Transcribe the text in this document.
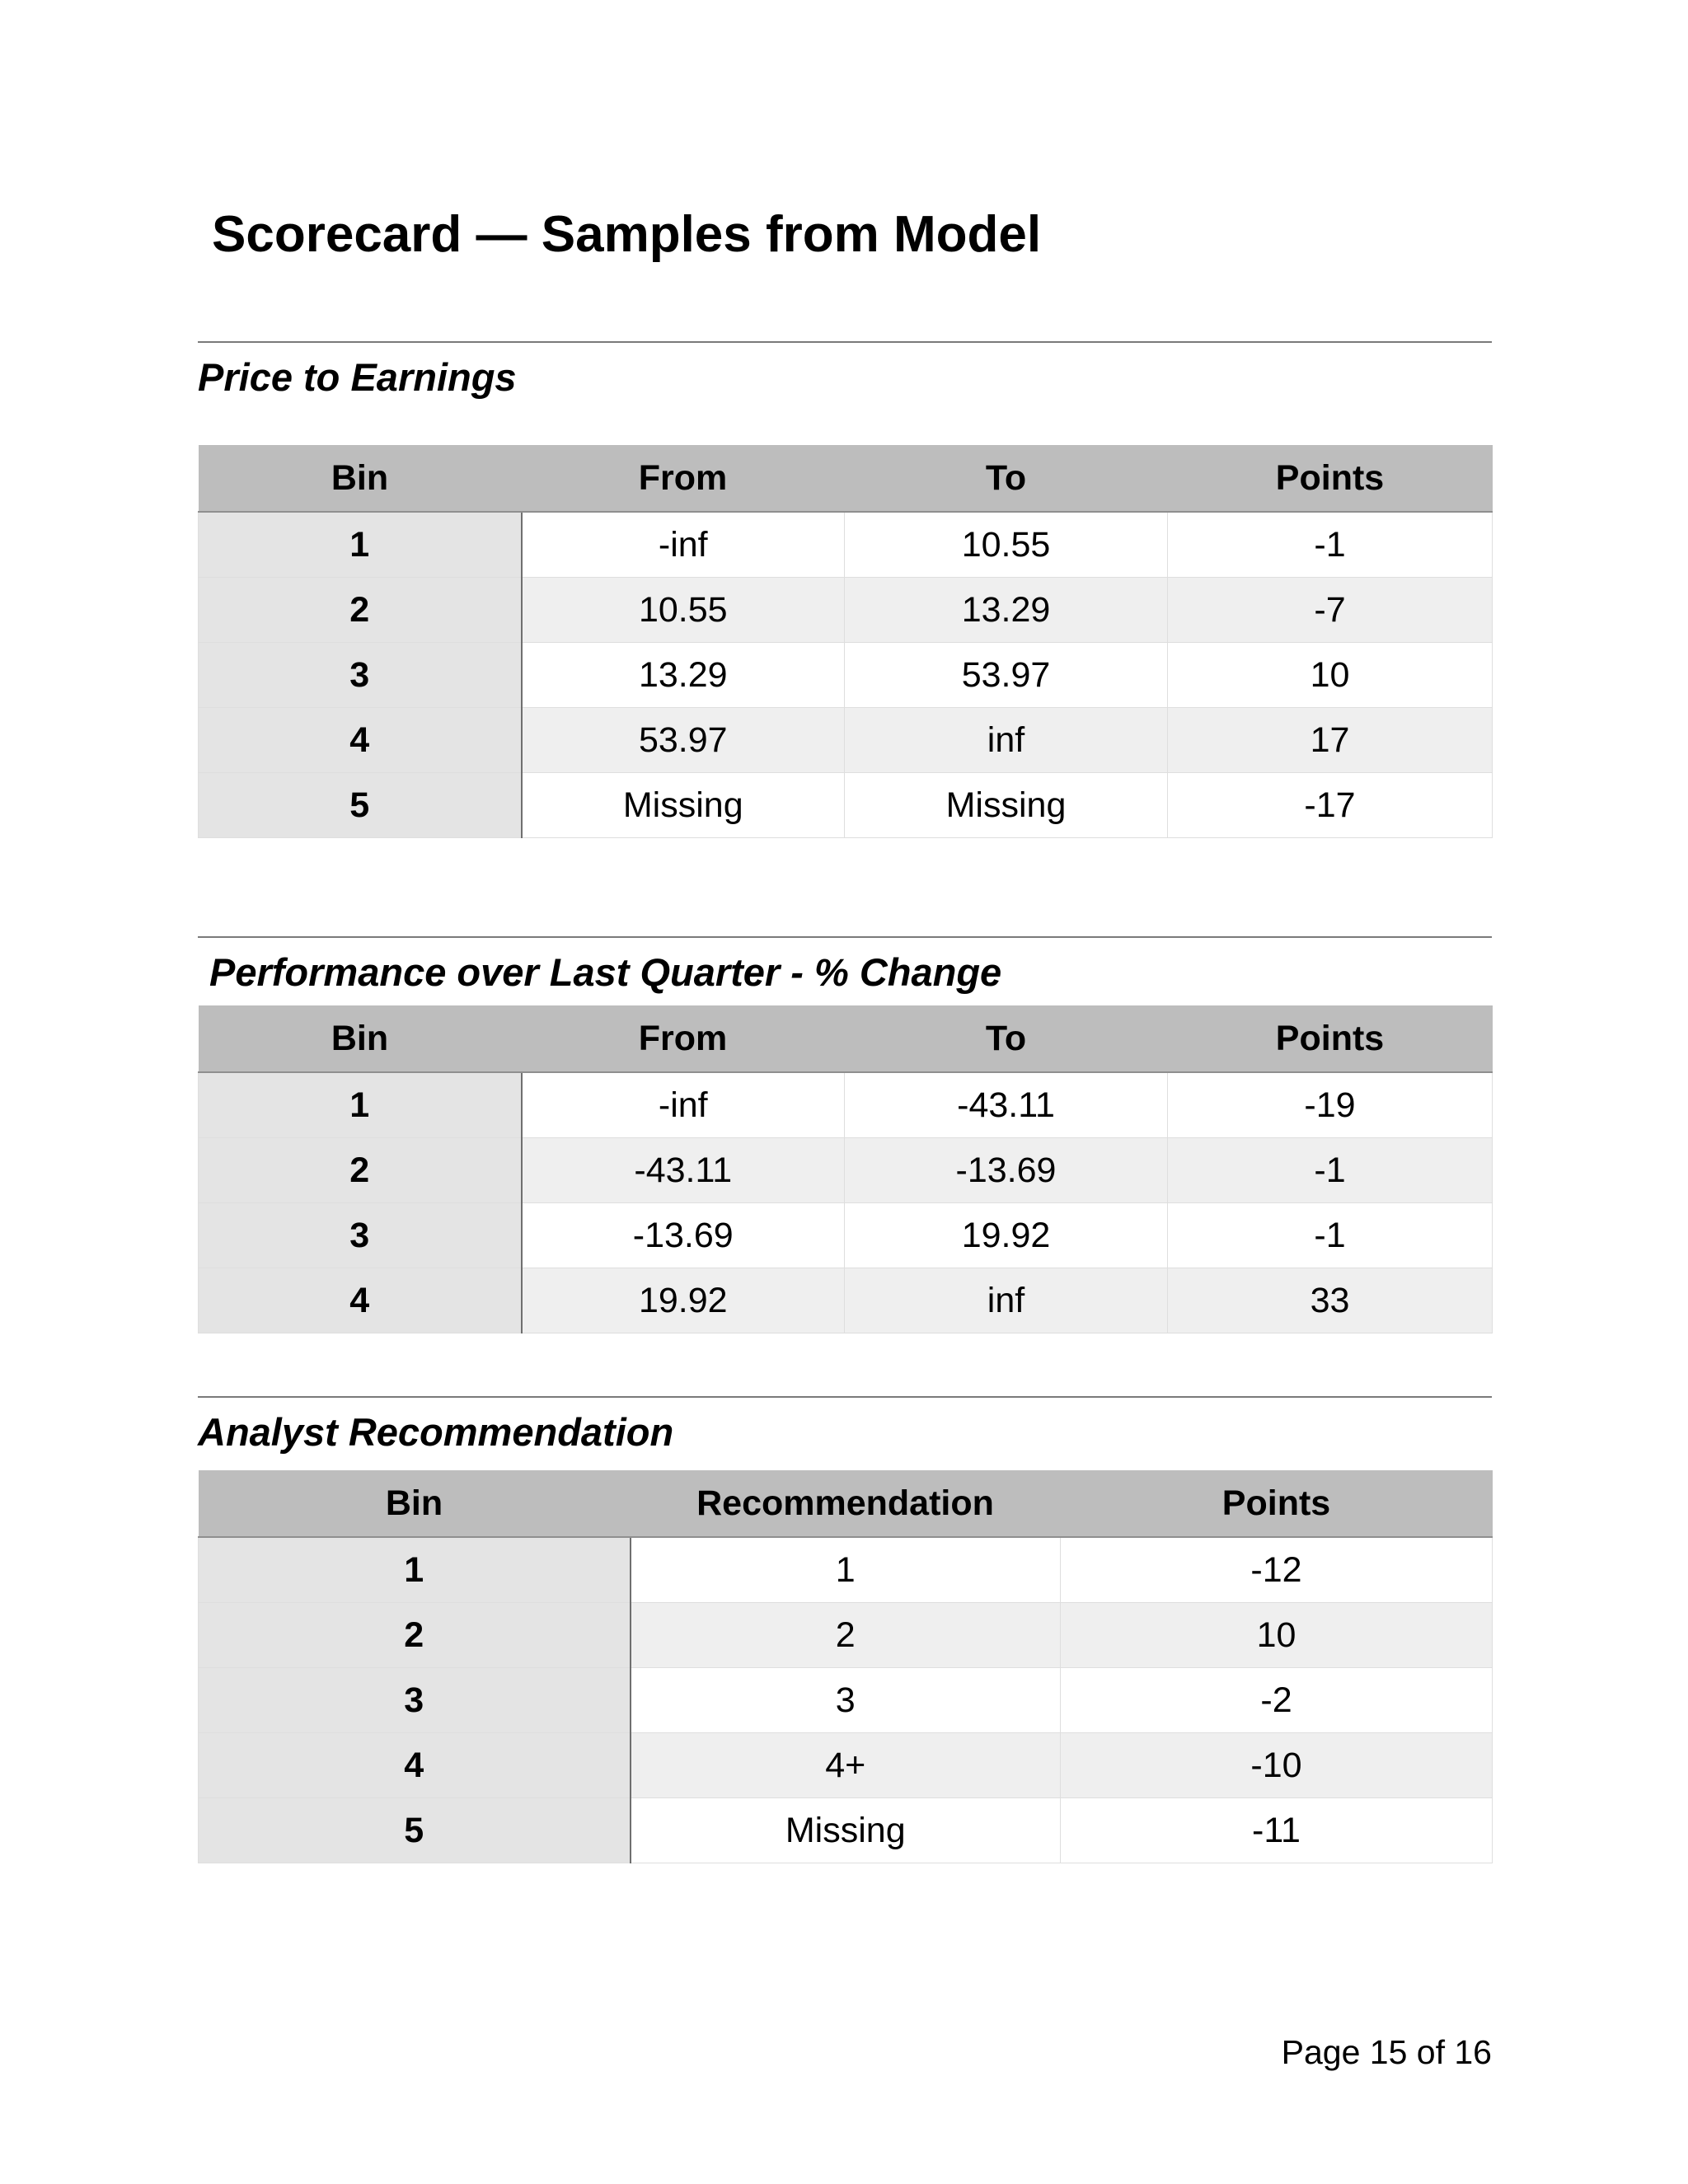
Scorecard — Samples from Model
Price to Earnings
Bin	From	To	Points
1	-inf	10.55	-1
2	10.55	13.29	-7
3	13.29	53.97	10
4	53.97	inf	17
5	Missing	Missing	-17
Performance over Last Quarter - % Change
Bin	From	To	Points
1	-inf	-43.11	-19
2	-43.11	-13.69	-1
3	-13.69	19.92	-1
4	19.92	inf	33
Analyst Recommendation
Bin	Recommendation	Points
1	1	-12
2	2	10
3	3	-2
4	4+	-10
5	Missing	-11
Page 15 of 16
